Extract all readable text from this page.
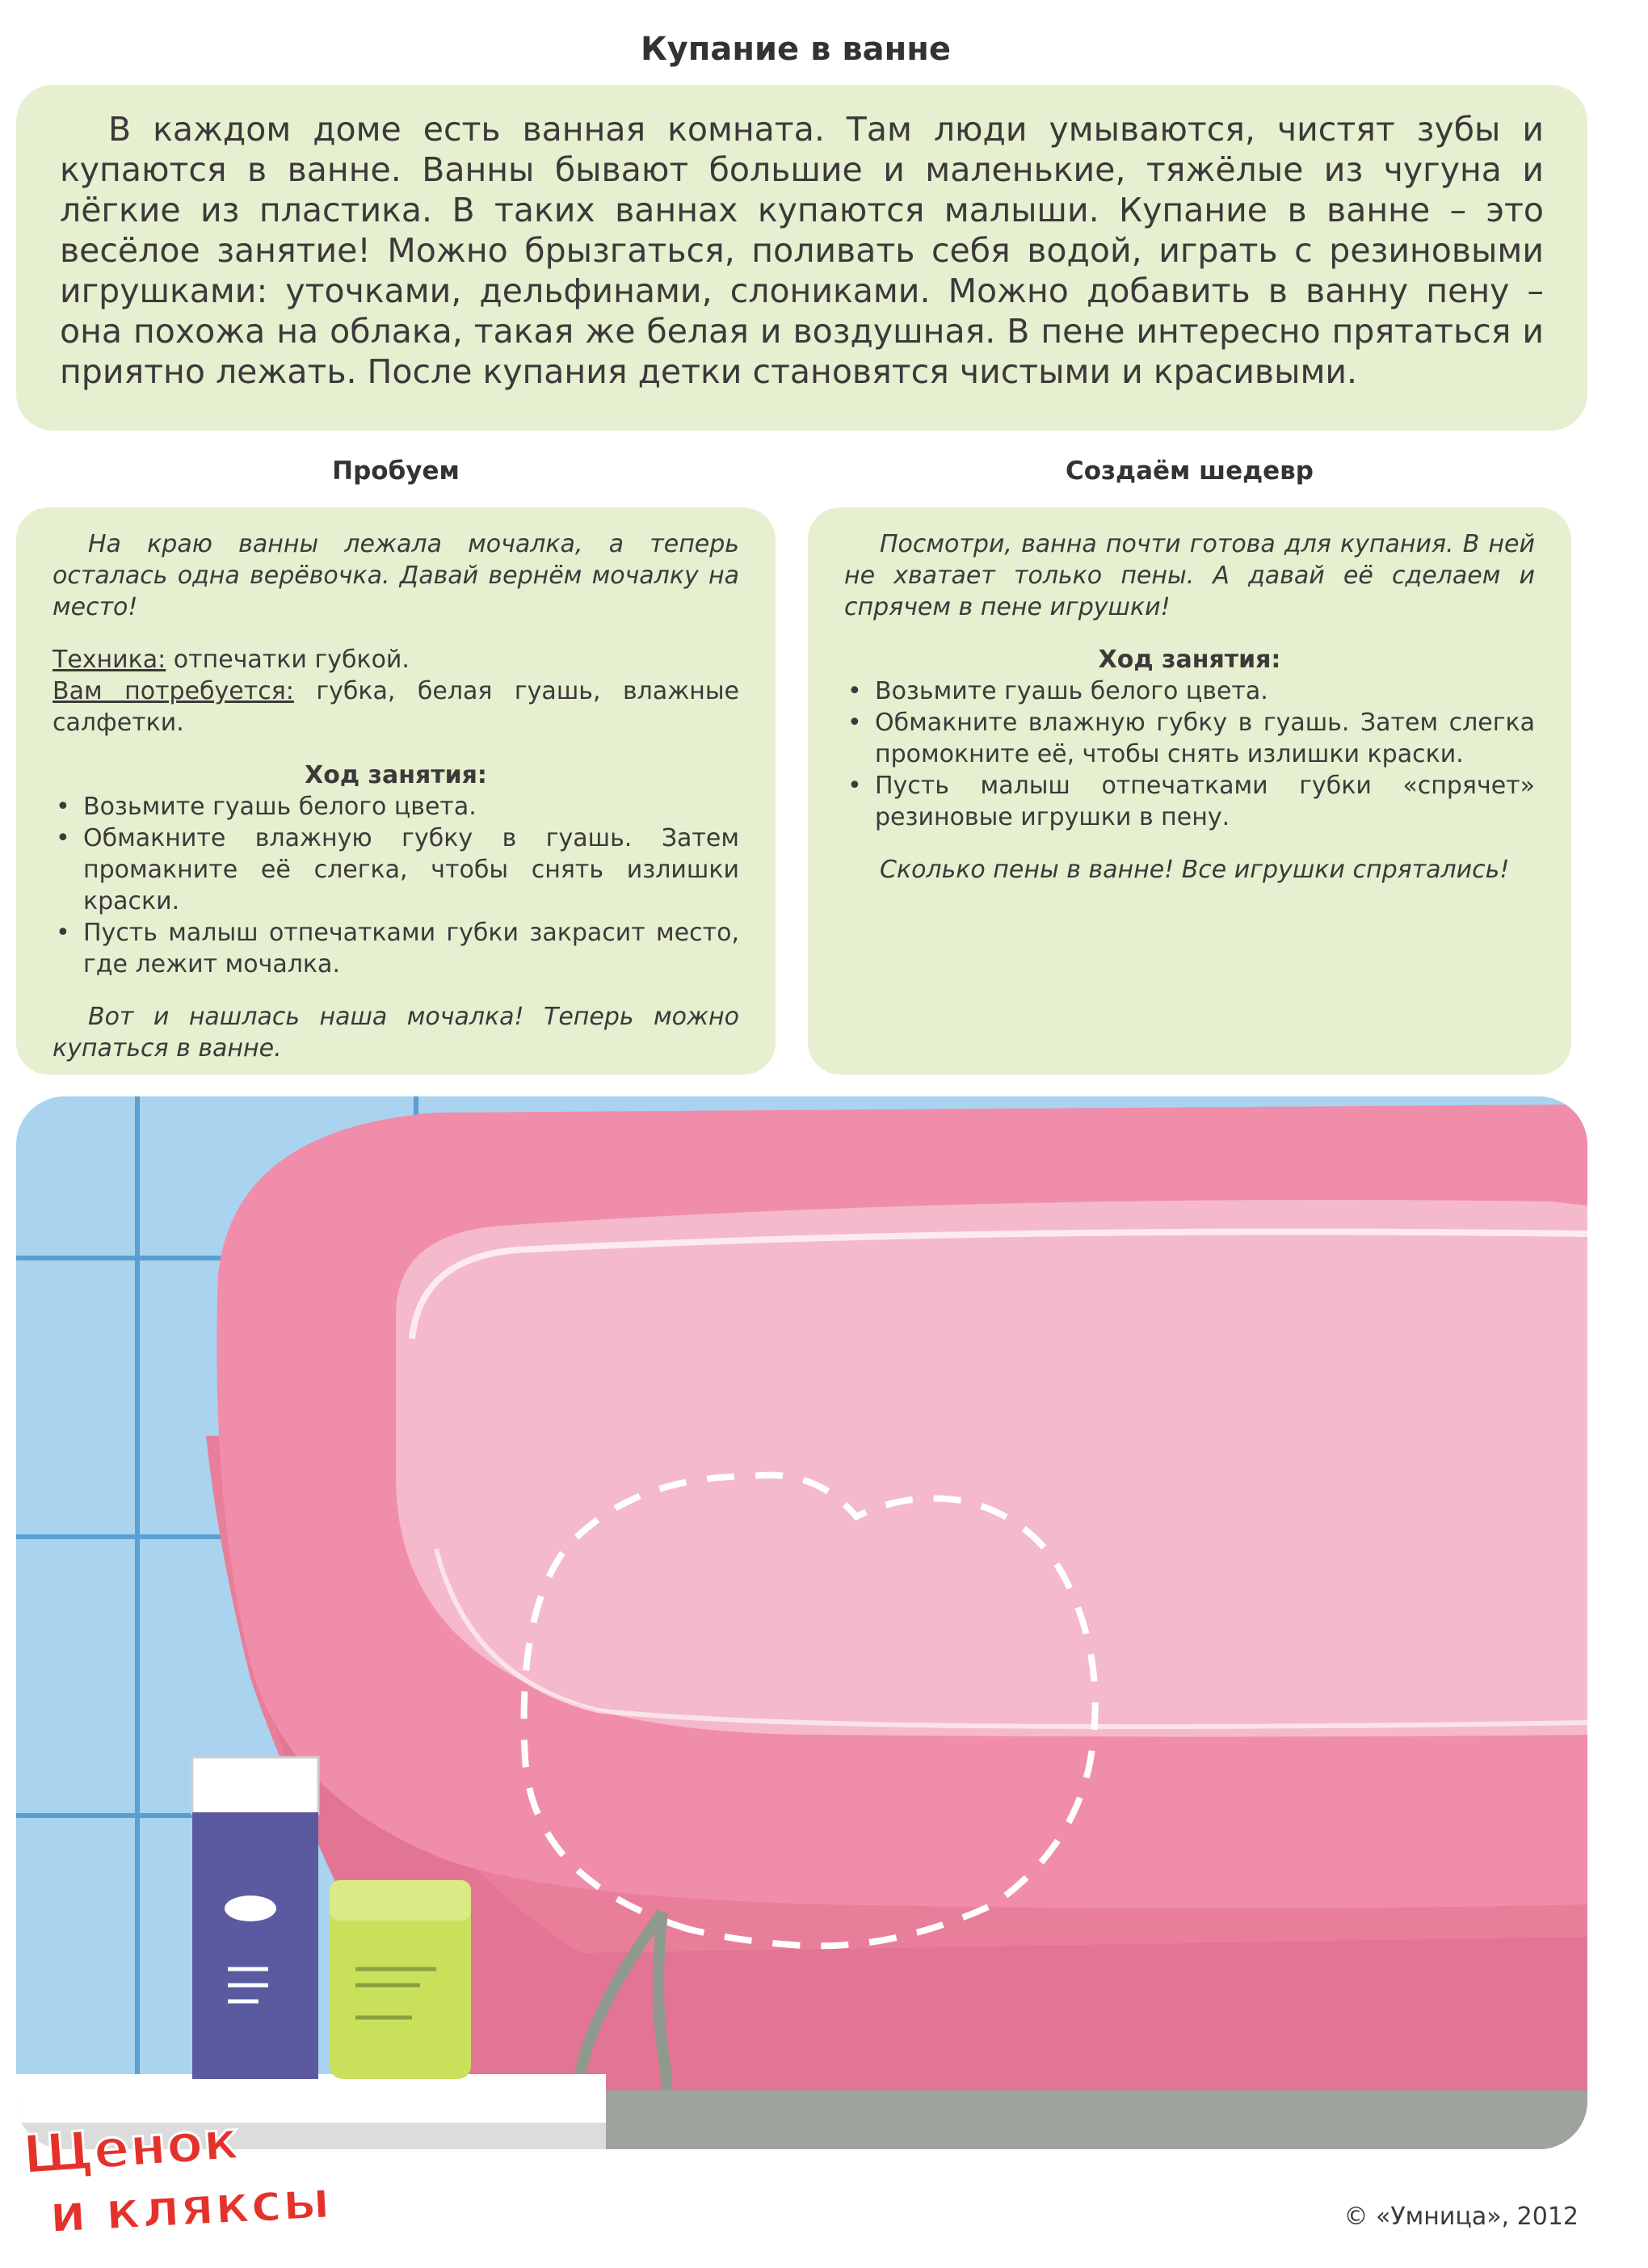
Купание в ванне
В каждом доме есть ванная комната. Там люди умываются, чистят зубы и купаются в ванне. Ванны бывают большие и маленькие, тяжёлые из чугуна и лёгкие из пластика. В таких ваннах купаются малыши. Купание в ванне – это весёлое занятие! Можно брызгаться, поливать себя водой, играть с резиновыми игрушками: уточками, дельфинами, слониками. Можно добавить в ванну пену – она похожа на облака, такая же белая и воздушная. В пене интересно прятаться и приятно лежать. После купания детки становятся чистыми и красивыми.
Пробуем	Создаём шедевр

На краю ванны лежала мочалка, а теперь осталась одна верёвочка. Давай вернём мочалку на место!

Техника: отпечатки губкой.

Вам потребуется: губка, белая гуашь, влажные салфетки.

Ход занятия:

• Возьмите гуашь белого цвета.
• Обмакните влажную губку в гуашь. Затем промакните её слегка, чтобы снять излишки краски.
• Пусть малыш отпечатками губки закрасит место, где лежит мочалка.

Вот и нашлась наша мочалка! Теперь можно купаться в ванне.

Посмотри, ванна почти готова для купания. В ней не хватает только пены. А давай её сделаем и спрячем в пене игрушки!

Ход занятия:

• Возьмите гуашь белого цвета.
• Обмакните влажную губку в гуашь. Затем слегка промокните её, чтобы снять излишки краски.
• Пусть малыш отпечатками губки «спрячет» резиновые игрушки в пену.

Сколько пены в ванне! Все игрушки спрятались!

Щенок
и кляксы	© «Умница», 2012
